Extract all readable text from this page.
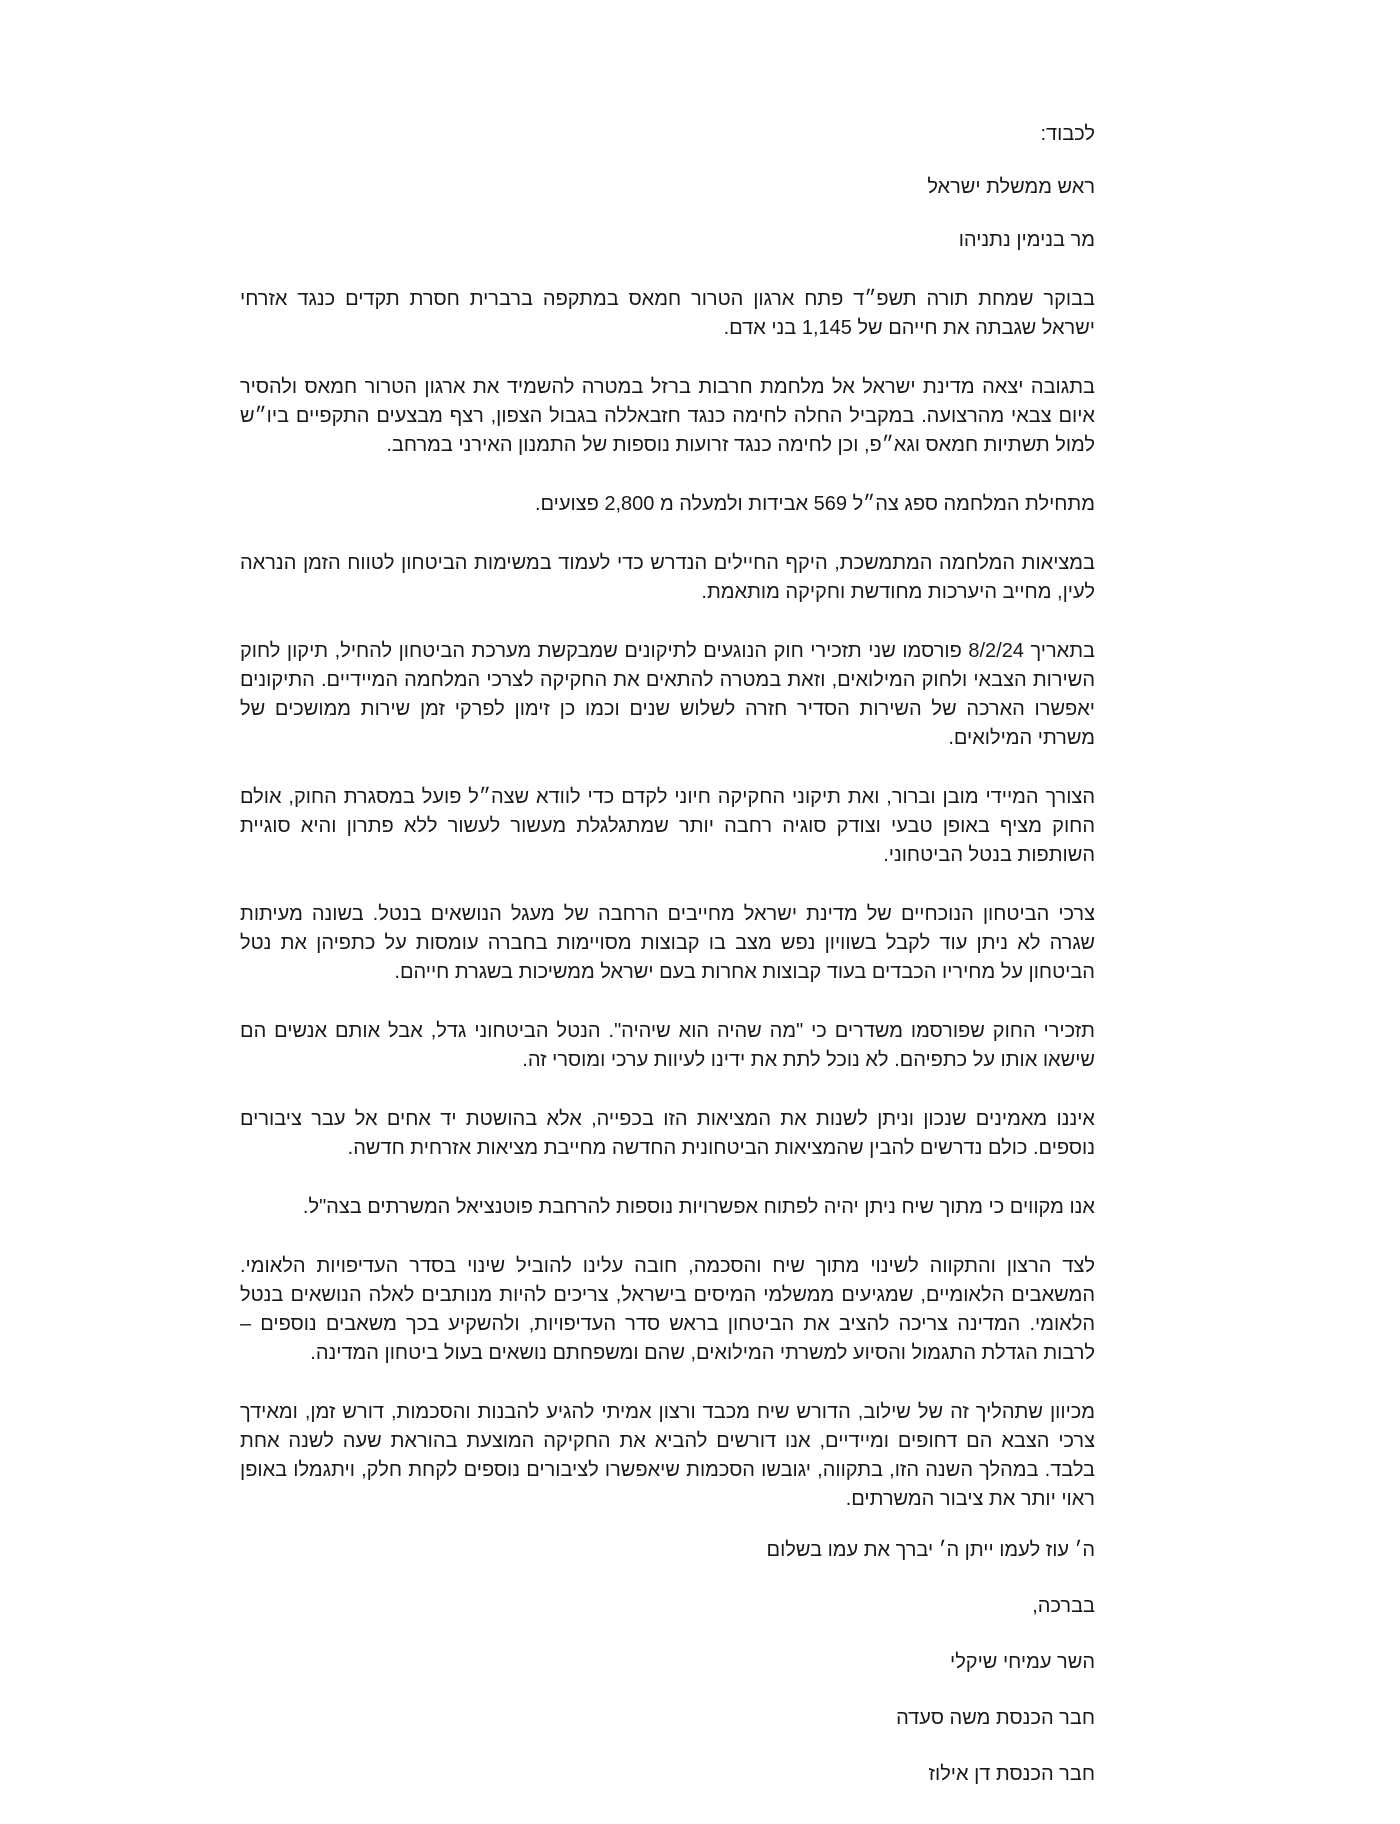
לכבוד:
ראש ממשלת ישראל
מר בנימין נתניהו

בבוקר שמחת תורה תשפ״ד פתח ארגון הטרור חמאס במתקפה ברברית חסרת תקדים כנגד אזרחי ישראל שגבתה את חייהם של 1,145 בני אדם.

בתגובה יצאה מדינת ישראל אל מלחמת חרבות ברזל במטרה להשמיד את ארגון הטרור חמאס ולהסיר איום צבאי מהרצועה. במקביל החלה לחימה כנגד חזבאללה בגבול הצפון, רצף מבצעים התקפיים ביו״ש למול תשתיות חמאס וגא״פ, וכן לחימה כנגד זרועות נוספות של התמנון האירני במרחב.

מתחילת המלחמה ספג צה״ל 569 אבידות ולמעלה מ 2,800 פצועים.

במציאות המלחמה המתמשכת, היקף החיילים הנדרש כדי לעמוד במשימות הביטחון לטווח הזמן הנראה לעין, מחייב היערכות מחודשת וחקיקה מותאמת.

בתאריך 8/2/24 פורסמו שני תזכירי חוק הנוגעים לתיקונים שמבקשת מערכת הביטחון להחיל, תיקון לחוק השירות הצבאי ולחוק המילואים, וזאת במטרה להתאים את החקיקה לצרכי המלחמה המיידיים. התיקונים יאפשרו הארכה של השירות הסדיר חזרה לשלוש שנים וכמו כן זימון לפרקי זמן שירות ממושכים של משרתי המילואים.

הצורך המיידי מובן וברור, ואת תיקוני החקיקה חיוני לקדם כדי לוודא שצה״ל פועל במסגרת החוק, אולם החוק מציף באופן טבעי וצודק סוגיה רחבה יותר שמתגלגלת מעשור לעשור ללא פתרון והיא סוגיית השותפות בנטל הביטחוני.

צרכי הביטחון הנוכחיים של מדינת ישראל מחייבים הרחבה של מעגל הנושאים בנטל. בשונה מעיתות שגרה לא ניתן עוד לקבל בשוויון נפש מצב בו קבוצות מסויימות בחברה עומסות על כתפיהן את נטל הביטחון על מחיריו הכבדים בעוד קבוצות אחרות בעם ישראל ממשיכות בשגרת חייהם.

תזכירי החוק שפורסמו משדרים כי "מה שהיה הוא שיהיה". הנטל הביטחוני גדל, אבל אותם אנשים הם שישאו אותו על כתפיהם. לא נוכל לתת את ידינו לעיוות ערכי ומוסרי זה.

איננו מאמינים שנכון וניתן לשנות את המציאות הזו בכפייה, אלא בהושטת יד אחים אל עבר ציבורים נוספים. כולם נדרשים להבין שהמציאות הביטחונית החדשה מחייבת מציאות אזרחית חדשה.

אנו מקווים כי מתוך שיח ניתן יהיה לפתוח אפשרויות נוספות להרחבת פוטנציאל המשרתים בצה"ל.

לצד הרצון והתקווה לשינוי מתוך שיח והסכמה, חובה עלינו להוביל שינוי בסדר העדיפויות הלאומי. המשאבים הלאומיים, שמגיעים ממשלמי המיסים בישראל, צריכים להיות מנותבים לאלה הנושאים בנטל הלאומי. המדינה צריכה להציב את הביטחון בראש סדר העדיפויות, ולהשקיע בכך משאבים נוספים – לרבות הגדלת התגמול והסיוע למשרתי המילואים, שהם ומשפחתם נושאים בעול ביטחון המדינה.

מכיוון שתהליך זה של שילוב, הדורש שיח מכבד ורצון אמיתי להגיע להבנות והסכמות, דורש זמן, ומאידך צרכי הצבא הם דחופים ומיידיים, אנו דורשים להביא את החקיקה המוצעת בהוראת שעה לשנה אחת בלבד. במהלך השנה הזו, בתקווה, יגובשו הסכמות שיאפשרו לציבורים נוספים לקחת חלק, ויתגמלו באופן ראוי יותר את ציבור המשרתים.

ה׳ עוז לעמו ייתן ה׳ יברך את עמו בשלום
בברכה,
השר עמיחי שיקלי
חבר הכנסת משה סעדה
חבר הכנסת דן אילוז
